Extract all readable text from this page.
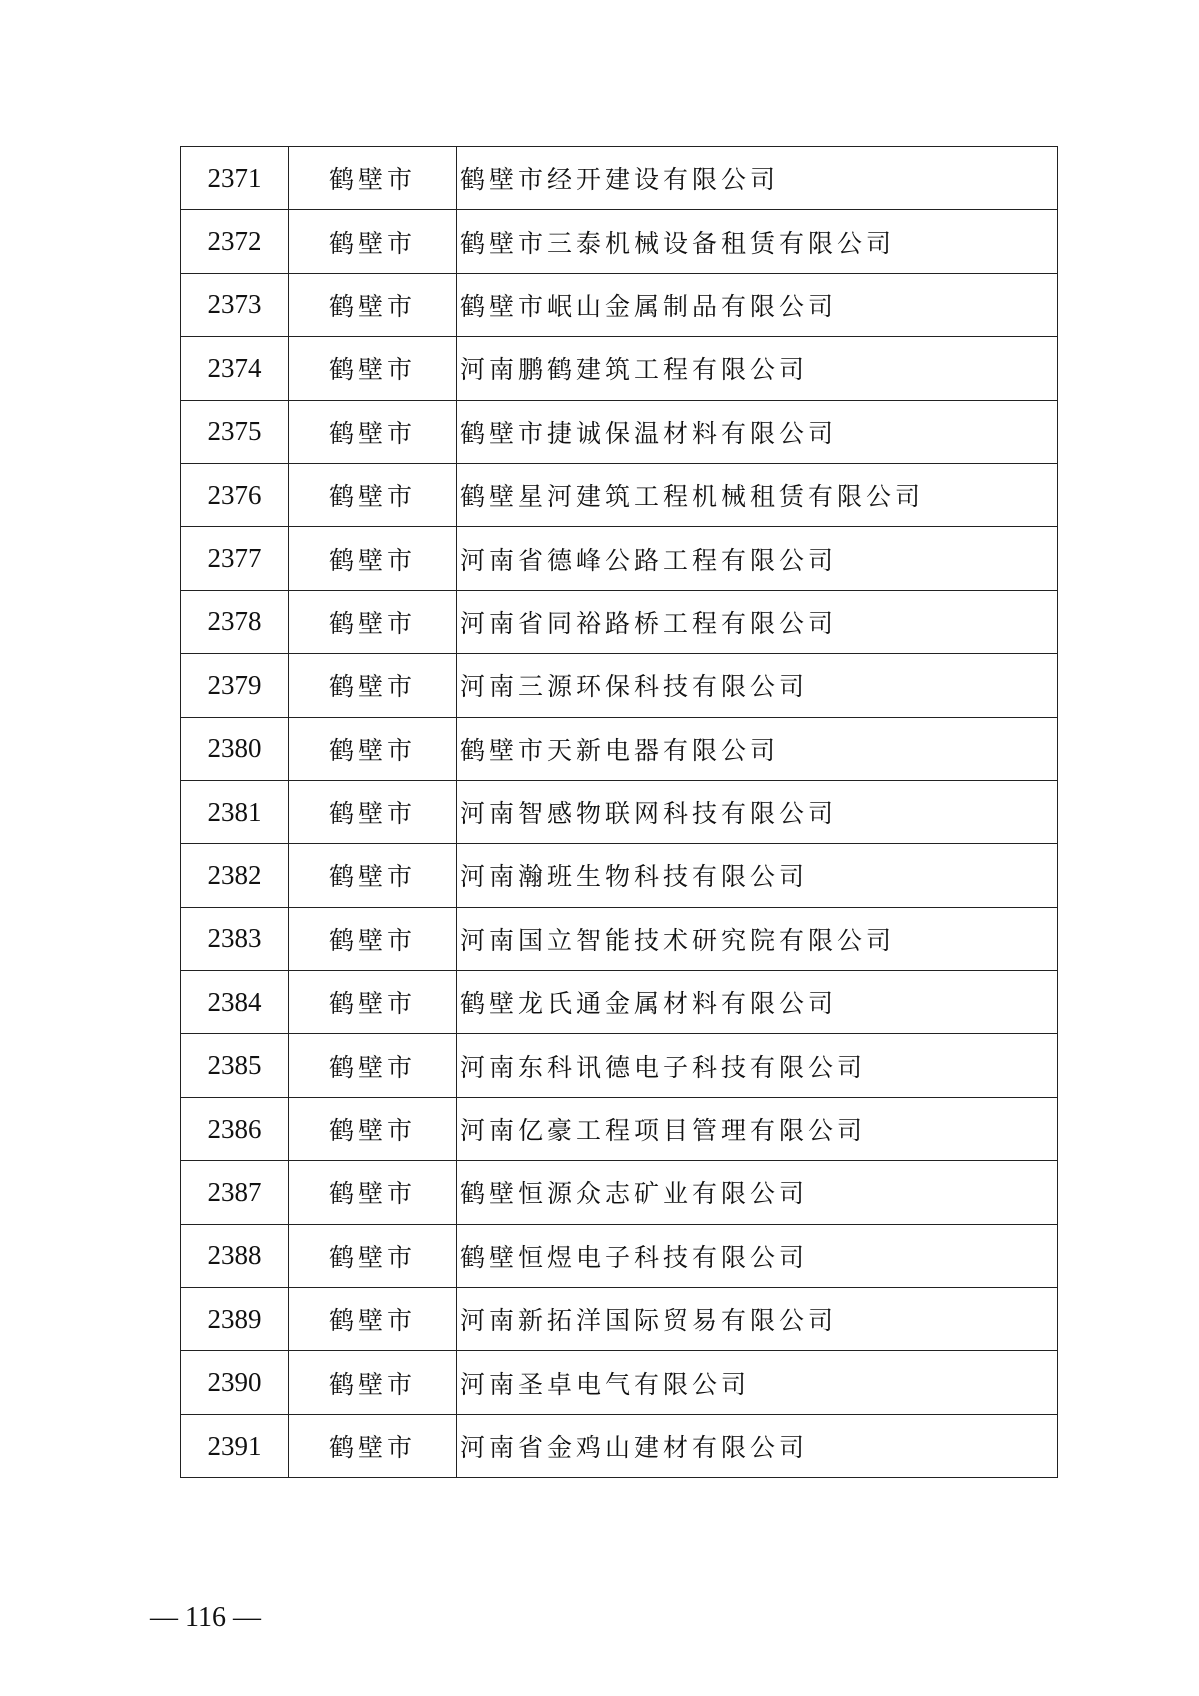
2371	鹤壁市	鹤壁市经开建设有限公司
2372	鹤壁市	鹤壁市三泰机械设备租赁有限公司
2373	鹤壁市	鹤壁市岷山金属制品有限公司
2374	鹤壁市	河南鹏鹤建筑工程有限公司
2375	鹤壁市	鹤壁市捷诚保温材料有限公司
2376	鹤壁市	鹤壁星河建筑工程机械租赁有限公司
2377	鹤壁市	河南省德峰公路工程有限公司
2378	鹤壁市	河南省同裕路桥工程有限公司
2379	鹤壁市	河南三源环保科技有限公司
2380	鹤壁市	鹤壁市天新电器有限公司
2381	鹤壁市	河南智感物联网科技有限公司
2382	鹤壁市	河南瀚班生物科技有限公司
2383	鹤壁市	河南国立智能技术研究院有限公司
2384	鹤壁市	鹤壁龙氏通金属材料有限公司
2385	鹤壁市	河南东科讯德电子科技有限公司
2386	鹤壁市	河南亿豪工程项目管理有限公司
2387	鹤壁市	鹤壁恒源众志矿业有限公司
2388	鹤壁市	鹤壁恒煜电子科技有限公司
2389	鹤壁市	河南新拓洋国际贸易有限公司
2390	鹤壁市	河南圣卓电气有限公司
2391	鹤壁市	河南省金鸡山建材有限公司
— 116 —
